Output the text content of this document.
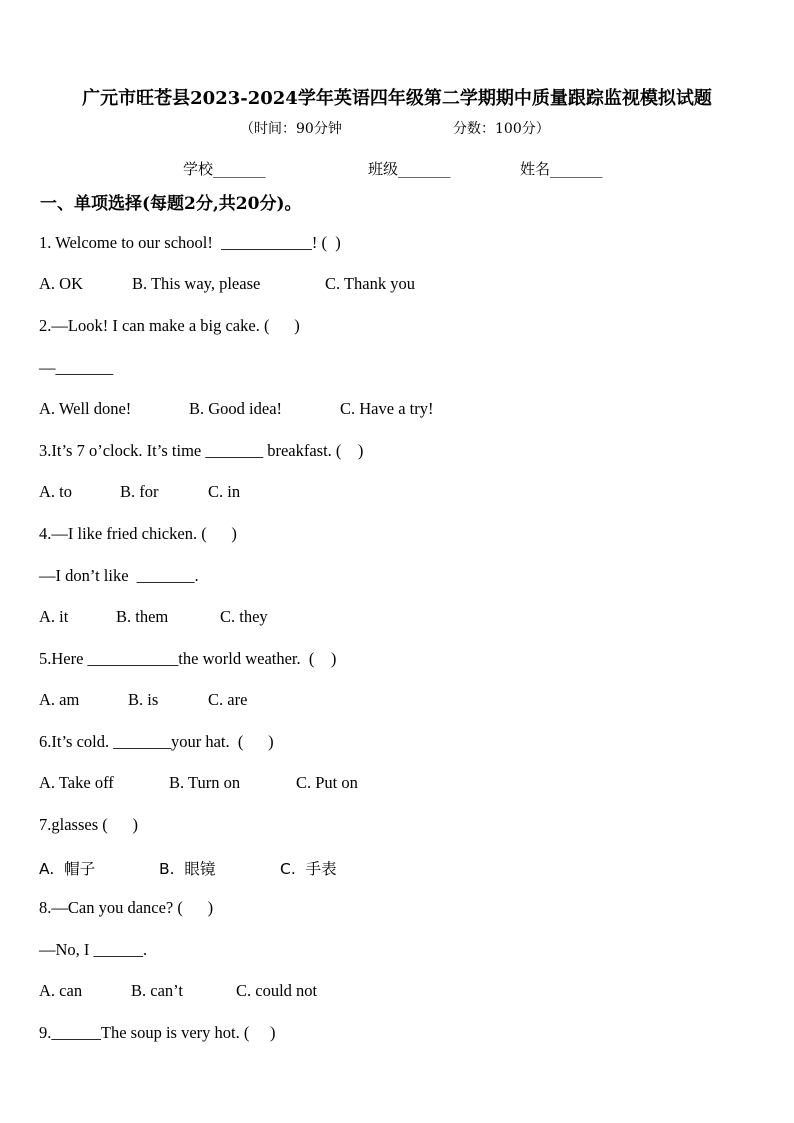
广元市旺苍县2023-2024学年英语四年级第二学期期中质量跟踪监视模拟试题
（时间：90分钟	分数：100分）
学校_______	班级_______	姓名_______
一、单项选择(每题2分,共20分)。
1. Welcome to our school!  ___________! (  )
A. OK	B. This way, please	C. Thank you
2.—Look! I can make a big cake. (      )
—_______
A. Well done!	B. Good idea!	C. Have a try!
3.It’s 7 o’clock. It’s time _______ breakfast. (    )
A. to	B. for	C. in
4.—I like fried chicken. (      )
—I don’t like  _______.
A. it	B. them	C. they
5.Here ___________the world weather.  (    )
A. am	B. is	C. are
6.It’s cold. _______your hat.  (      )
A. Take off	B. Turn on	C. Put on
7.glasses (      )
A.  帽子	B.  眼镜	C.  手表
8.—Can you dance? (      )
—No, I ______.
A. can	B. can’t	C. could not
9.______The soup is very hot. (     )
